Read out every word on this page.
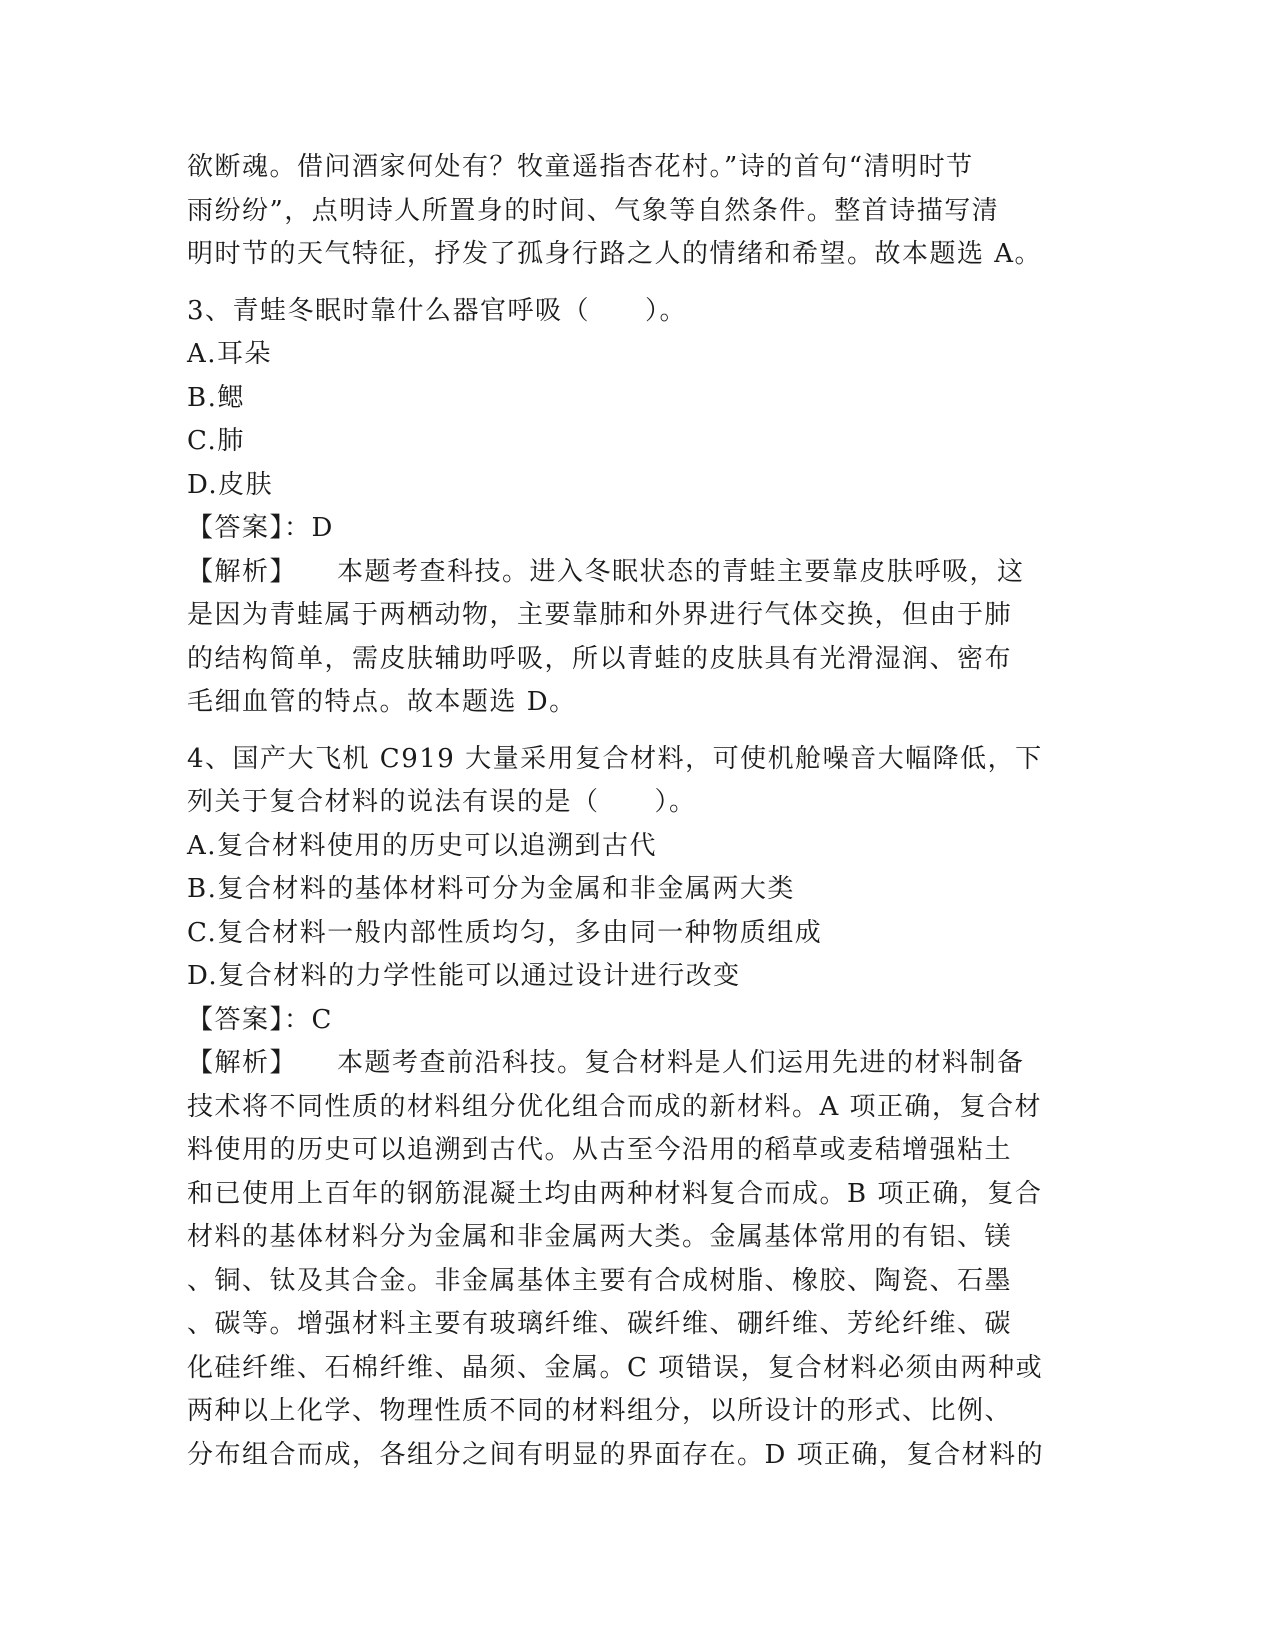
欲断魂。借问酒家何处有？牧童遥指杏花村。”诗的首句“清明时节
雨纷纷”，点明诗人所置身的时间、气象等自然条件。整首诗描写清
明时节的天气特征，抒发了孤身行路之人的情绪和希望。故本题选 A。
3、青蛙冬眠时靠什么器官呼吸（　　）。
A.耳朵
B.鳃
C.肺
D.皮肤
【答案】：D
【解析】 本题考查科技。进入冬眠状态的青蛙主要靠皮肤呼吸，这
是因为青蛙属于两栖动物，主要靠肺和外界进行气体交换，但由于肺
的结构简单，需皮肤辅助呼吸，所以青蛙的皮肤具有光滑湿润、密布
毛细血管的特点。故本题选 D。
4、国产大飞机 C919 大量采用复合材料，可使机舱噪音大幅降低，下
列关于复合材料的说法有误的是（　　）。
A.复合材料使用的历史可以追溯到古代
B.复合材料的基体材料可分为金属和非金属两大类
C.复合材料一般内部性质均匀，多由同一种物质组成
D.复合材料的力学性能可以通过设计进行改变
【答案】：C
【解析】 本题考查前沿科技。复合材料是人们运用先进的材料制备
技术将不同性质的材料组分优化组合而成的新材料。A 项正确，复合材
料使用的历史可以追溯到古代。从古至今沿用的稻草或麦秸增强粘土
和已使用上百年的钢筋混凝土均由两种材料复合而成。B 项正确，复合
材料的基体材料分为金属和非金属两大类。金属基体常用的有铝、镁
、铜、钛及其合金。非金属基体主要有合成树脂、橡胶、陶瓷、石墨
、碳等。增强材料主要有玻璃纤维、碳纤维、硼纤维、芳纶纤维、碳
化硅纤维、石棉纤维、晶须、金属。C 项错误，复合材料必须由两种或
两种以上化学、物理性质不同的材料组分，以所设计的形式、比例、
分布组合而成，各组分之间有明显的界面存在。D 项正确，复合材料的
